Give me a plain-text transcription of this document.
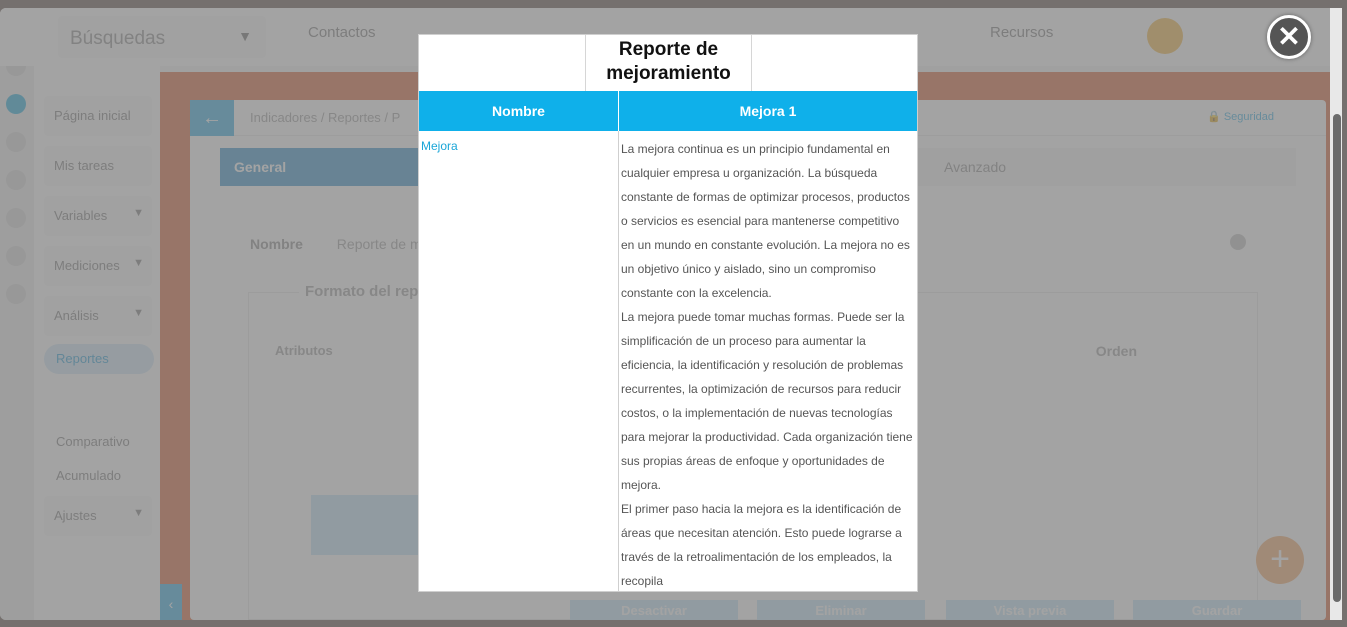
✕
Reporte de mejoramiento
Nombre	Mejora 1
Mejora	La mejora continua es un principio fundamental en cualquier empresa u organización. La búsqueda constante de formas de optimizar procesos, productos o servicios es esencial para mantenerse competitivo en un mundo en constante evolución. La mejora no es un objetivo único y aislado, sino un compromiso constante con la excelencia.

La mejora puede tomar muchas formas. Puede ser la simplificación de un proceso para aumentar la eficiencia, la identificación y resolución de problemas recurrentes, la optimización de recursos para reducir costos, o la implementación de nuevas tecnologías para mejorar la productividad. Cada organización tiene sus propias áreas de enfoque y oportunidades de mejora.

El primer paso hacia la mejora es la identificación de áreas que necesitan atención. Esto puede lograrse a través de la retroalimentación de los empleados, la recopila
